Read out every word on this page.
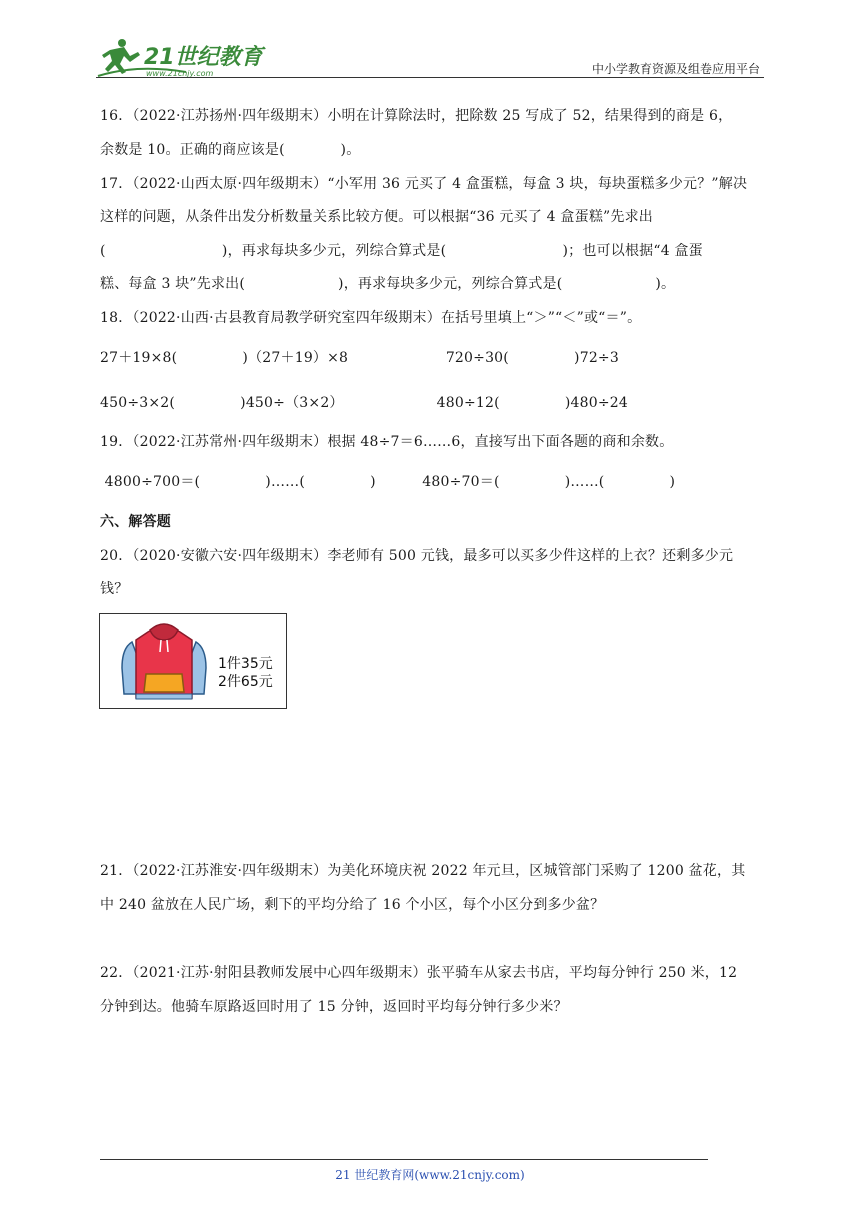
21世纪教育
www.21cnjy.com	中小学教育资源及组卷应用平台
16．（2022·江苏扬州·四年级期末）小明在计算除法时，把除数 25 写成了 52，结果得到的商是 6，
余数是 10。正确的商应该是(            )。
17．（2022·山西太原·四年级期末）“小军用 36 元买了 4 盒蛋糕，每盒 3 块，每块蛋糕多少元？”解决
这样的问题，从条件出发分析数量关系比较方便。可以根据“36 元买了 4 盒蛋糕”先求出
(                         )，再求每块多少元，列综合算式是(                         )；也可以根据“4 盒蛋
糕、每盒 3 块”先求出(                    )，再求每块多少元，列综合算式是(                    )。
18．（2022·山西·古县教育局教学研究室四年级期末）在括号里填上“＞”“＜”或“＝”。
27＋19×8(              )（27＋19）×8                     720÷30(              )72÷3
450÷3×2(              )450÷（3×2）                    480÷12(              )480÷24
19．（2022·江苏常州·四年级期末）根据 48÷7＝6……6，直接写出下面各题的商和余数。
4800÷700＝(              )……(              )          480÷70＝(              )……(              )
六、解答题
20．（2020·安徽六安·四年级期末）李老师有 500 元钱，最多可以买多少件这样的上衣？还剩多少元
钱？
1件35元
2件65元
21．（2022·江苏淮安·四年级期末）为美化环境庆祝 2022 年元旦，区城管部门采购了 1200 盆花，其
中 240 盆放在人民广场，剩下的平均分给了 16 个小区，每个小区分到多少盆？
22．（2021·江苏·射阳县教师发展中心四年级期末）张平骑车从家去书店，平均每分钟行 250 米，12
分钟到达。他骑车原路返回时用了 15 分钟，返回时平均每分钟行多少米？
21 世纪教育网(www.21cnjy.com)
